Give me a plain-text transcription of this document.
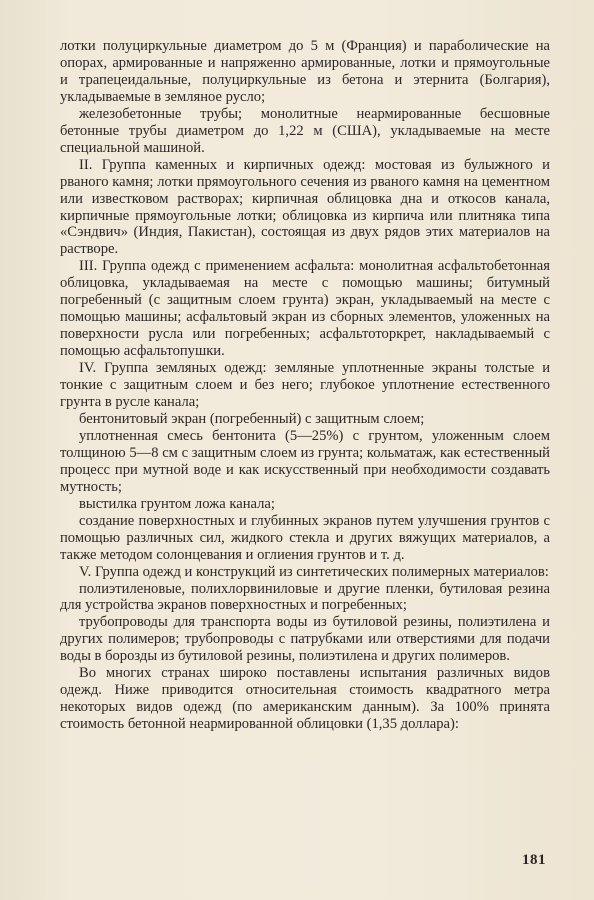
лотки полуциркульные диаметром до 5 м (Франция) и параболические на опорах, армированные и напряженно армированные, лотки и прямоугольные и трапецеидальные, полуциркульные из бетона и этернита (Болгария), укладываемые в земляное русло;

железобетонные трубы; монолитные неармированные бесшовные бетонные трубы диаметром до 1,22 м (США), укладываемые на месте специальной машиной.

II. Группа каменных и кирпичных одежд: мостовая из булыжного и рваного камня; лотки прямоугольного сечения из рваного камня на цементном или известковом растворах; кирпичная облицовка дна и откосов канала, кирпичные прямоугольные лотки; облицовка из кирпича или плитняка типа «Сэндвич» (Индия, Пакистан), состоящая из двух рядов этих материалов на растворе.

III. Группа одежд с применением асфальта: монолитная асфальтобетонная облицовка, укладываемая на месте с помощью машины; битумный погребенный (с защитным слоем грунта) экран, укладываемый на месте с помощью машины; асфальтовый экран из сборных элементов, уложенных на поверхности русла или погребенных; асфальтоторкрет, накладываемый с помощью асфальтопушки.

IV. Группа земляных одежд: земляные уплотненные экраны толстые и тонкие с защитным слоем и без него; глубокое уплотнение естественного грунта в русле канала;

бентонитовый экран (погребенный) с защитным слоем;

уплотненная смесь бентонита (5—25%) с грунтом, уложенным слоем толщиною 5—8 см с защитным слоем из грунта; кольматаж, как естественный процесс при мутной воде и как искусственный при необходимости создавать мутность;

выстилка грунтом ложа канала;

создание поверхностных и глубинных экранов путем улучшения грунтов с помощью различных сил, жидкого стекла и других вяжущих материалов, а также методом солонцевания и оглиения грунтов и т. д.

V. Группа одежд и конструкций из синтетических полимерных материалов:

полиэтиленовые, полихлорвиниловые и другие пленки, бутиловая резина для устройства экранов поверхностных и погребенных;

трубопроводы для транспорта воды из бутиловой резины, полиэтилена и других полимеров; трубопроводы с патрубками или отверстиями для подачи воды в борозды из бутиловой резины, полиэтилена и других полимеров.

Во многих странах широко поставлены испытания различных видов одежд. Ниже приводится относительная стоимость квадратного метра некоторых видов одежд (по американским данным). За 100% принята стоимость бетонной неармированной облицовки (1,35 доллара):

181
